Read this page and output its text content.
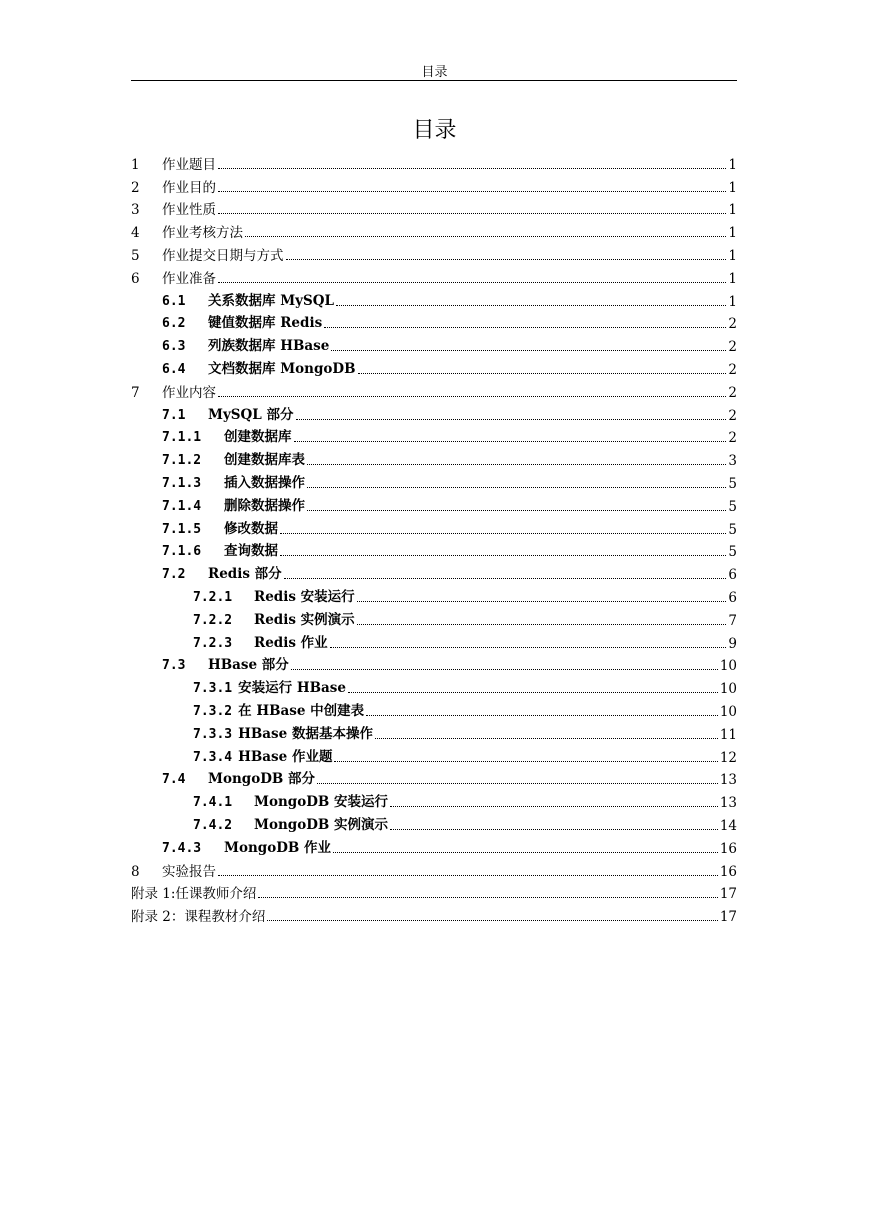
目录
目录
1 作业题目	1
2 作业目的	1
3 作业性质	1
4 作业考核方法	1
5 作业提交日期与方式	1
6 作业准备	1
6.1 关系数据库 MySQL	1
6.2 键值数据库 Redis	2
6.3 列族数据库 HBase	2
6.4 文档数据库 MongoDB	2
7 作业内容	2
7.1 MySQL 部分	2
7.1.1 创建数据库	2
7.1.2 创建数据库表	3
7.1.3 插入数据操作	5
7.1.4 删除数据操作	5
7.1.5 修改数据	5
7.1.6 查询数据	5
7.2 Redis 部分	6
7.2.1 Redis 安装运行	6
7.2.2 Redis 实例演示	7
7.2.3 Redis 作业	9
7.3 HBase 部分	10
7.3.1 安装运行 HBase	10
7.3.2 在 HBase 中创建表	10
7.3.3 HBase 数据基本操作	11
7.3.4 HBase 作业题	12
7.4 MongoDB 部分	13
7.4.1 MongoDB 安装运行	13
7.4.2 MongoDB 实例演示	14
7.4.3 MongoDB 作业	16
8 实验报告	16
附录 1:任课教师介绍	17
附录 2：课程教材介绍	17
